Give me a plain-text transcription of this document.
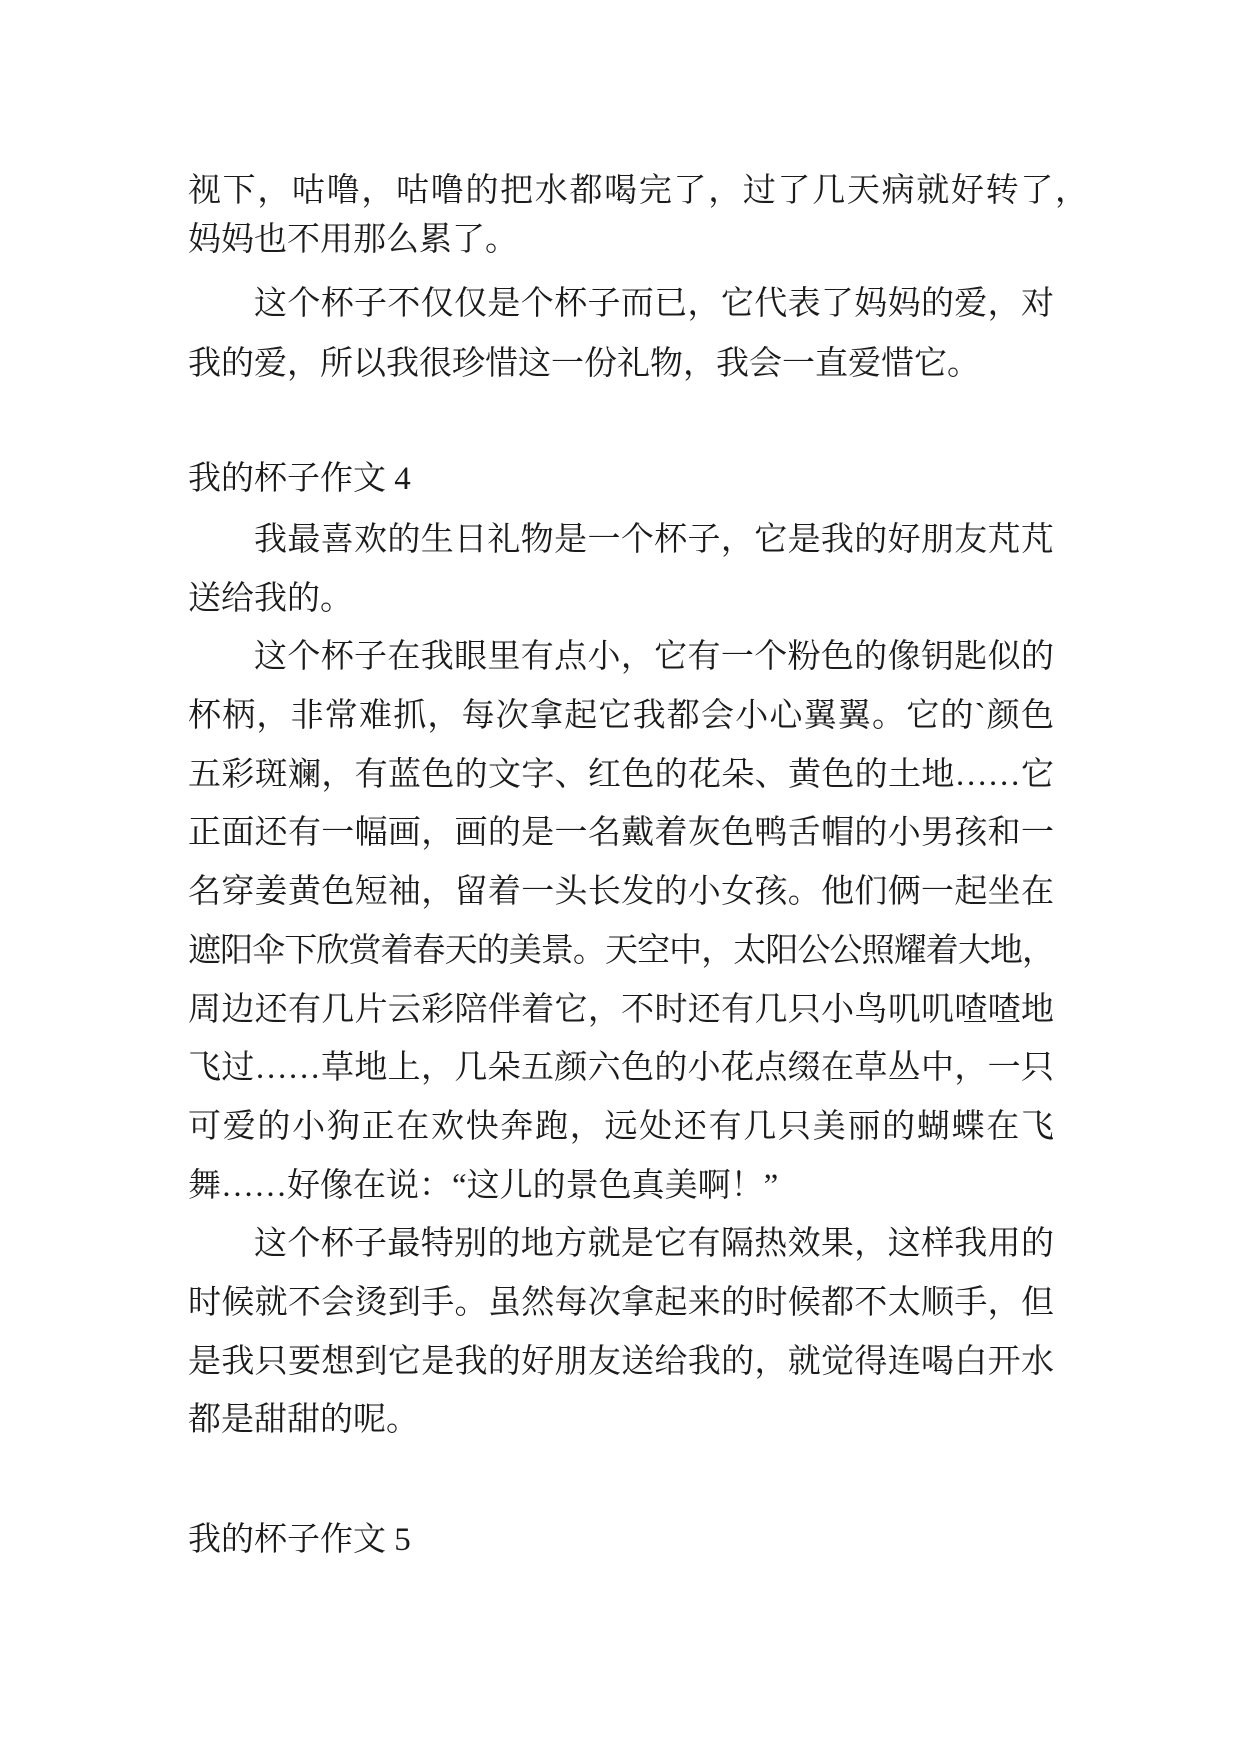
视下，咕噜，咕噜的把水都喝完了，过了几天病就好转了，
妈妈也不用那么累了。
这个杯子不仅仅是个杯子而已，它代表了妈妈的爱，对
我的爱，所以我很珍惜这一份礼物，我会一直爱惜它。
我的杯子作文 4
我最喜欢的生日礼物是一个杯子，它是我的好朋友芃芃
送给我的。
这个杯子在我眼里有点小，它有一个粉色的像钥匙似的
杯柄，非常难抓，每次拿起它我都会小心翼翼。它的`颜色
五彩斑斓，有蓝色的文字、红色的花朵、黄色的土地……它
正面还有一幅画，画的是一名戴着灰色鸭舌帽的小男孩和一
名穿姜黄色短袖，留着一头长发的小女孩。他们俩一起坐在
遮阳伞下欣赏着春天的美景。天空中，太阳公公照耀着大地，
周边还有几片云彩陪伴着它，不时还有几只小鸟叽叽喳喳地
飞过……草地上，几朵五颜六色的小花点缀在草丛中，一只
可爱的小狗正在欢快奔跑，远处还有几只美丽的蝴蝶在飞
舞……好像在说：“这儿的景色真美啊！”
这个杯子最特别的地方就是它有隔热效果，这样我用的
时候就不会烫到手。虽然每次拿起来的时候都不太顺手，但
是我只要想到它是我的好朋友送给我的，就觉得连喝白开水
都是甜甜的呢。
我的杯子作文 5
